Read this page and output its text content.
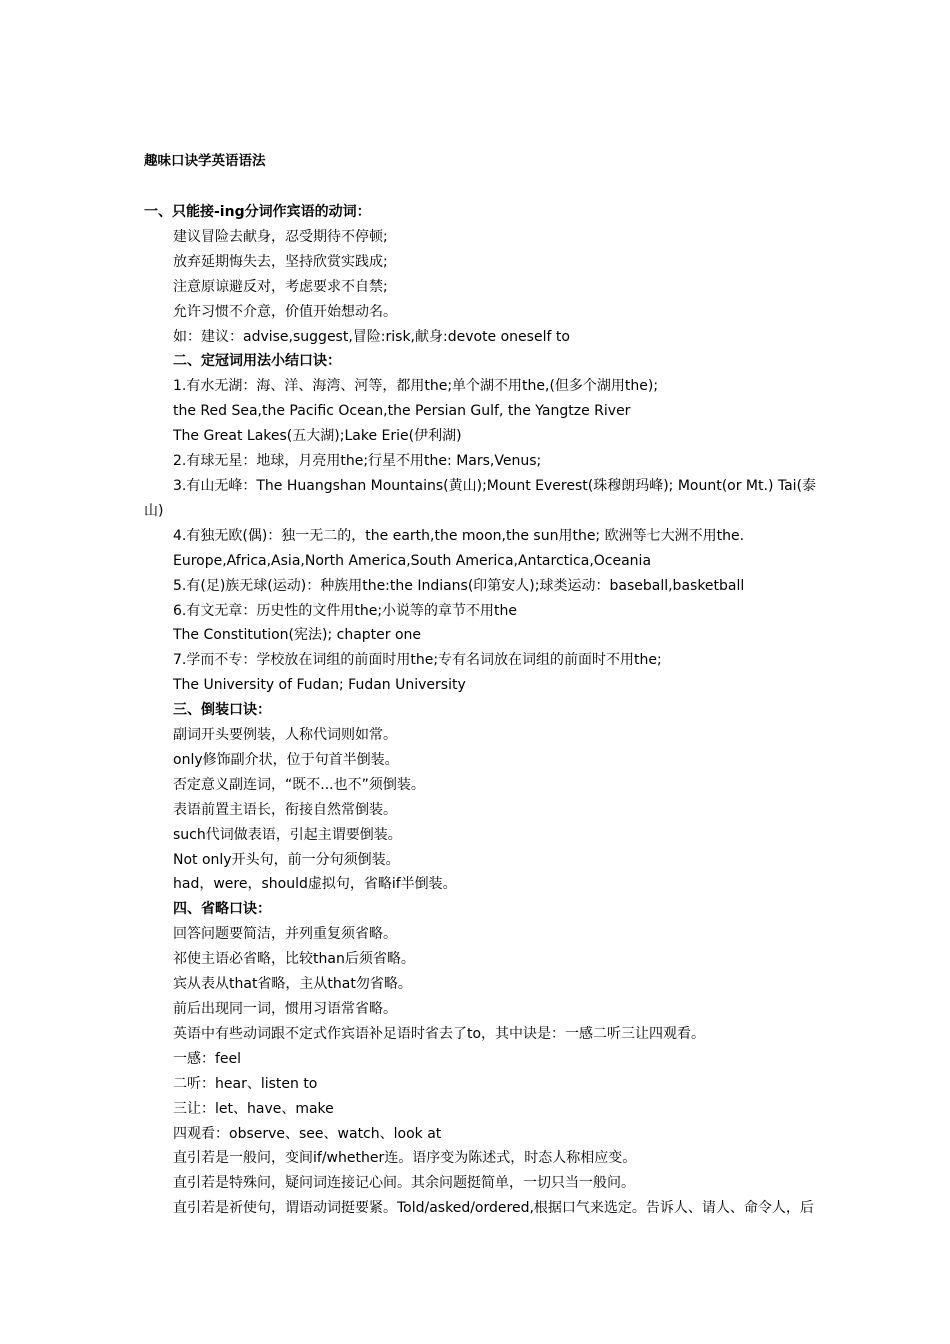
趣味口诀学英语语法

一、只能接-ing分词作宾语的动词：

建议冒险去献身，忍受期待不停顿;

放弃延期悔失去，坚持欣赏实践成;

注意原谅避反对，考虑要求不自禁;

允许习惯不介意，价值开始想动名。

如：建议：advise,suggest,冒险:risk,献身:devote oneself to

二、定冠词用法小结口诀：

1.有水无湖：海、洋、海湾、河等，都用the;单个湖不用the,(但多个湖用the);

the Red Sea,the Pacific Ocean,the Persian Gulf, the Yangtze River

The Great Lakes(五大湖);Lake Erie(伊利湖)

2.有球无星：地球，月亮用the;行星不用the: Mars,Venus;

3.有山无峰：The Huangshan Mountains(黄山);Mount Everest(珠穆朗玛峰); Mount(or Mt.) Tai(泰山)

4.有独无欧(偶)：独一无二的，the earth,the moon,the sun用the; 欧洲等七大洲不用the.

Europe,Africa,Asia,North America,South America,Antarctica,Oceania

5.有(足)族无球(运动)：种族用the:the Indians(印第安人);球类运动：baseball,basketball

6.有文无章：历史性的文件用the;小说等的章节不用the

The Constitution(宪法); chapter one

7.学而不专：学校放在词组的前面时用the;专有名词放在词组的前面时不用the;

The University of Fudan; Fudan University

三、倒装口诀：

副词开头要例装，人称代词则如常。

only修饰副介状，位于句首半倒装。

否定意义副连词，“既不...也不”须倒装。

表语前置主语长，衔接自然常倒装。

such代词做表语，引起主谓要倒装。

Not only开头句，前一分句须倒装。

had，were，should虚拟句，省略if半倒装。

四、省略口诀：

回答问题要简洁，并列重复须省略。

祁使主语必省略，比较than后须省略。

宾从表从that省略，主从that勿省略。

前后出现同一词，惯用习语常省略。

英语中有些动词跟不定式作宾语补足语时省去了to，其中诀是：一感二听三让四观看。

一感：feel

二听：hear、listen to

三让：let、have、make

四观看：observe、see、watch、look at

直引若是一般问，变间if/whether连。语序变为陈述式，时态人称相应变。

直引若是特殊问，疑问词连接记心间。其余问题挺简单，一切只当一般问。

直引若是祈使句，谓语动词挺要紧。Told/asked/ordered,根据口气来选定。告诉人、请人、命令人，后
